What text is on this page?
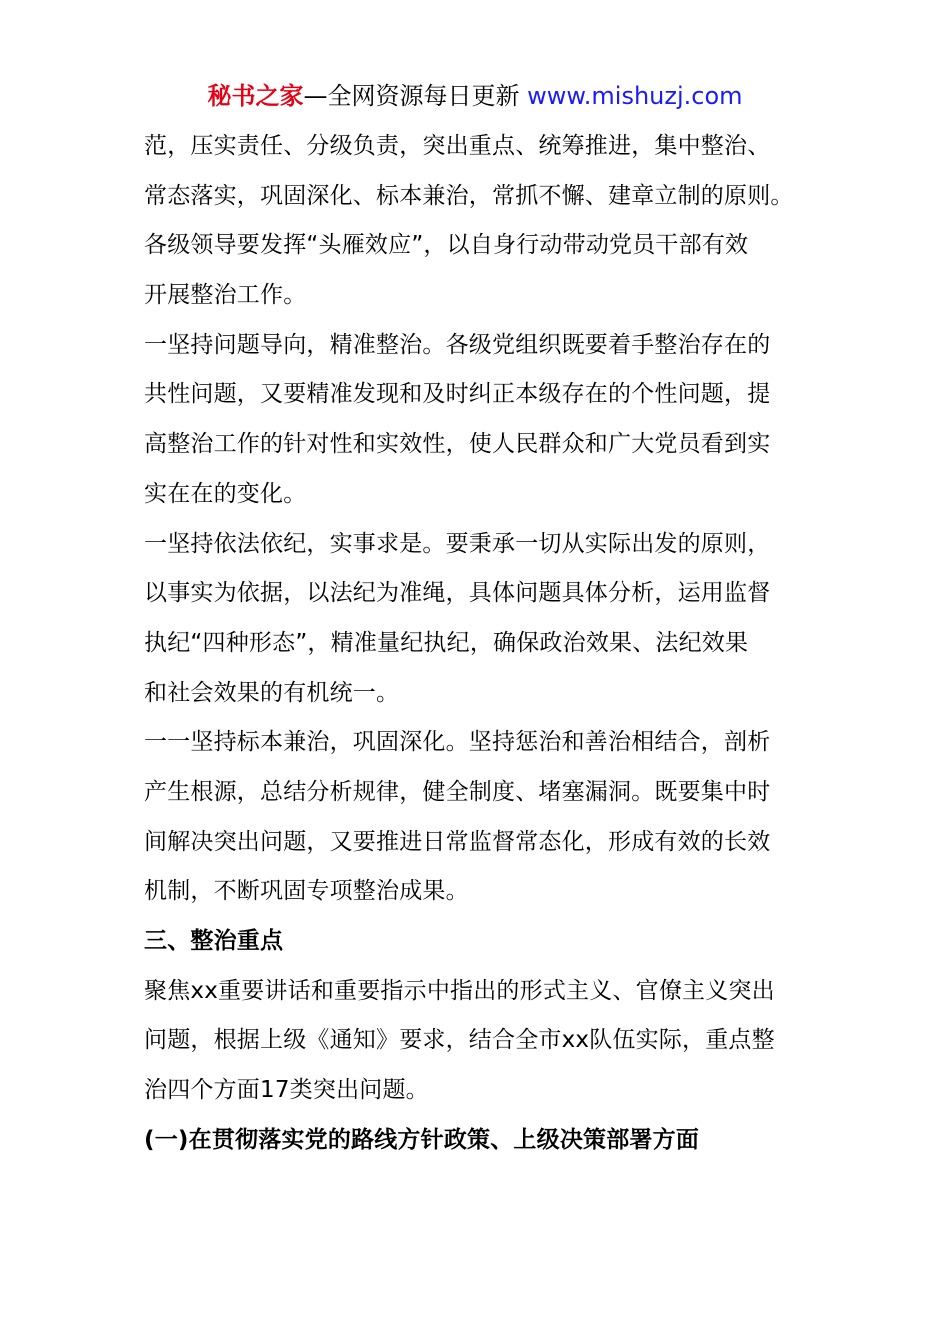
秘书之家—全网资源每日更新 www.mishuzj.com
范，压实责任、分级负责，突出重点、统筹推进，集中整治、
常态落实，巩固深化、标本兼治，常抓不懈、建章立制的原则。
各级领导要发挥“头雁效应”，以自身行动带动党员干部有效
开展整治工作。
一坚持问题导向，精准整治。各级党组织既要着手整治存在的
共性问题，又要精准发现和及时纠正本级存在的个性问题，提
高整治工作的针对性和实效性，使人民群众和广大党员看到实
实在在的变化。
一坚持依法依纪，实事求是。要秉承一切从实际出发的原则，
以事实为依据，以法纪为准绳，具体问题具体分析，运用监督
执纪“四种形态”，精准量纪执纪，确保政治效果、法纪效果
和社会效果的有机统一。
一一坚持标本兼治，巩固深化。坚持惩治和善治相结合，剖析
产生根源，总结分析规律，健全制度、堵塞漏洞。既要集中时
间解决突出问题，又要推进日常监督常态化，形成有效的长效
机制，不断巩固专项整治成果。
三、整治重点
聚焦xx重要讲话和重要指示中指出的形式主义、官僚主义突出
问题，根据上级《通知》要求，结合全市xx队伍实际，重点整
治四个方面17类突出问题。
(一)在贯彻落实党的路线方针政策、上级决策部署方面
